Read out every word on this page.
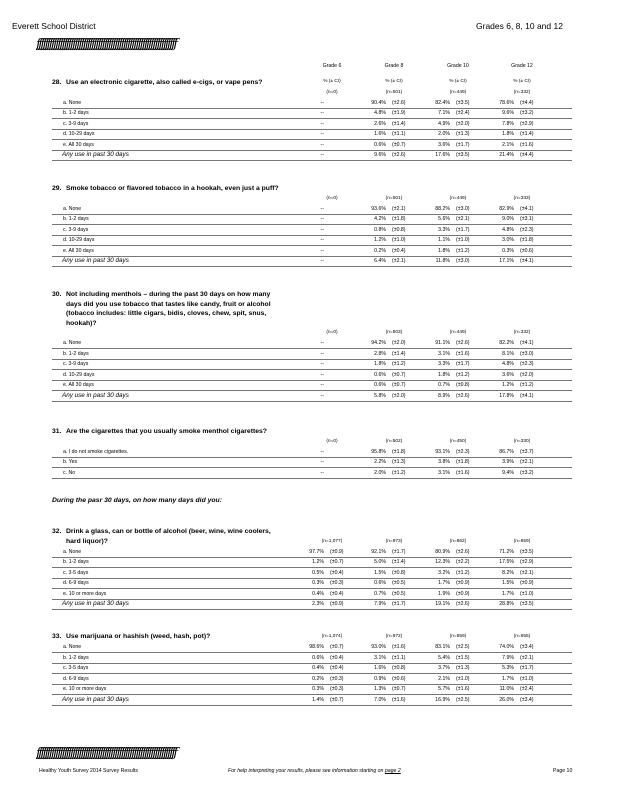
Everett School District	Grades 6, 8, 10 and 12
ƒƒƒƒƒƒƒƒƒƒƒƒƒƒƒƒƒƒƒƒƒƒƒƒƒƒƒƒƒƒƒƒƒƒƒƒƒƒƒƒƒƒƒƒƒƒƒƒƒƒƒƒƒƒƒƒƒƒƒƒƒƒƒƒƒƒ
Grade 6	Grade 8	Grade 10	Grade 12
28. Use an electronic cigarette, also called e-cigs, or vape pens?	% (± CI)	% (± CI)	% (± CI)	% (± CI)
(n=0)	(n=501)	(n=449)	(n=332)
a. None	--	90.4% (±2.6)	82.4% (±3.5)	78.6% (±4.4)
b. 1-2 days	--	4.8% (±1.9)	7.1% (±2.4)	9.6% (±3.2)
c. 3-9 days	--	2.6% (±1.4)	4.9% (±2.0)	7.8% (±2.9)
d. 10-29 days	--	1.6% (±1.1)	2.0% (±1.3)	1.8% (±1.4)
e. All 30 days	--	0.6% (±0.7)	3.6% (±1.7)	2.1% (±1.6)
Any use in past 30 days	--	9.6% (±2.6)	17.6% (±3.5)	21.4% (±4.4)
29. Smoke tobacco or flavored tobacco in a hookah, even just a puff?
(n=0)	(n=501)	(n=449)	(n=333)
a. None	--	93.6% (±2.1)	88.2% (±3.0)	82.9% (±4.1)
b. 1-2 days	--	4.2% (±1.8)	5.6% (±2.1)	9.0% (±3.1)
c. 3-9 days	--	0.8% (±0.8)	3.3% (±1.7)	4.8% (±2.3)
d. 10-29 days	--	1.2% (±1.0)	1.1% (±1.0)	3.0% (±1.8)
e. All 30 days	--	0.2% (±0.4)	1.8% (±1.2)	0.3% (±0.6)
Any use in past 30 days	--	6.4% (±2.1)	11.8% (±3.0)	17.1% (±4.1)
30. Not including menthols – during the past 30 days on how many days did you use tobacco that tastes like candy, fruit or alcohol (tobacco includes: little cigars, bidis, cloves, chew, spit, snus, hookah)?
(n=0)	(n=503)	(n=449)	(n=332)
a. None	--	94.2% (±2.0)	91.1% (±2.6)	82.2% (±4.1)
b. 1-2 days	--	2.8% (±1.4)	3.1% (±1.6)	8.1% (±3.0)
c. 3-9 days	--	1.8% (±1.2)	3.3% (±1.7)	4.8% (±2.3)
d. 10-29 days	--	0.6% (±0.7)	1.8% (±1.2)	3.6% (±2.0)
e. All 30 days	--	0.6% (±0.7)	0.7% (±0.8)	1.2% (±1.2)
Any use in past 30 days	--	5.8% (±2.0)	8.9% (±2.6)	17.8% (±4.1)
31. Are the cigarettes that you usually smoke menthol cigarettes?
(n=0)	(n=502)	(n=450)	(n=330)
a. I do not smoke cigarettes.	--	95.8% (±1.8)	93.1% (±2.3)	86.7% (±3.7)
b. Yes	--	2.2% (±1.3)	3.8% (±1.8)	3.9% (±2.1)
c. No	--	2.0% (±1.2)	3.1% (±1.6)	9.4% (±3.2)
During the pasr 30 days, on how many days did you:
32. Drink a glass, can or bottle of alcohol (beer, wine, wine coolers, hard liquor)?	(n=1,077)	(n=973)	(n=862)	(n=659)
a. None	97.7% (±0.9)	92.1% (±1.7)	80.9% (±2.6)	71.2% (±3.5)
b. 1-2 days	1.2% (±0.7)	5.0% (±1.4)	12.3% (±2.2)	17.5% (±2.9)
c. 3-5 days	0.5% (±0.4)	1.5% (±0.8)	3.2% (±1.2)	8.2% (±2.1)
d. 6-9 days	0.3% (±0.3)	0.6% (±0.5)	1.7% (±0.9)	1.5% (±0.9)
e. 10 or more days	0.4% (±0.4)	0.7% (±0.5)	1.9% (±0.9)	1.7% (±1.0)
Any use in past 30 days	2.3% (±0.9)	7.9% (±1.7)	19.1% (±2.6)	28.8% (±3.5)
33. Use marijuana or hashish (weed, hash, pot)?	(n=1,074)	(n=972)	(n=859)	(n=655)
a. None	98.6% (±0.7)	93.0% (±1.6)	83.1% (±2.5)	74.0% (±3.4)
b. 1-2 days	0.6% (±0.4)	3.1% (±1.1)	5.4% (±1.5)	7.9% (±2.1)
c. 3-5 days	0.4% (±0.4)	1.6% (±0.8)	3.7% (±1.3)	5.3% (±1.7)
d. 6-9 days	0.2% (±0.3)	0.9% (±0.6)	2.1% (±1.0)	1.7% (±1.0)
e. 10 or more days	0.3% (±0.3)	1.3% (±0.7)	5.7% (±1.6)	11.0% (±2.4)
Any use in past 30 days	1.4% (±0.7)	7.0% (±1.6)	16.9% (±2.5)	26.0% (±3.4)
ƒƒƒƒƒƒƒƒƒƒƒƒƒƒƒƒƒƒƒƒƒƒƒƒƒƒƒƒƒƒƒƒƒƒƒƒƒƒƒƒƒƒƒƒƒƒƒƒƒƒƒƒƒƒƒƒƒƒƒƒƒƒƒƒƒƒ
Healthy Youth Survey 2014 Survey Results	For help interpreting your results, please see information starting on page 2	Page 10
